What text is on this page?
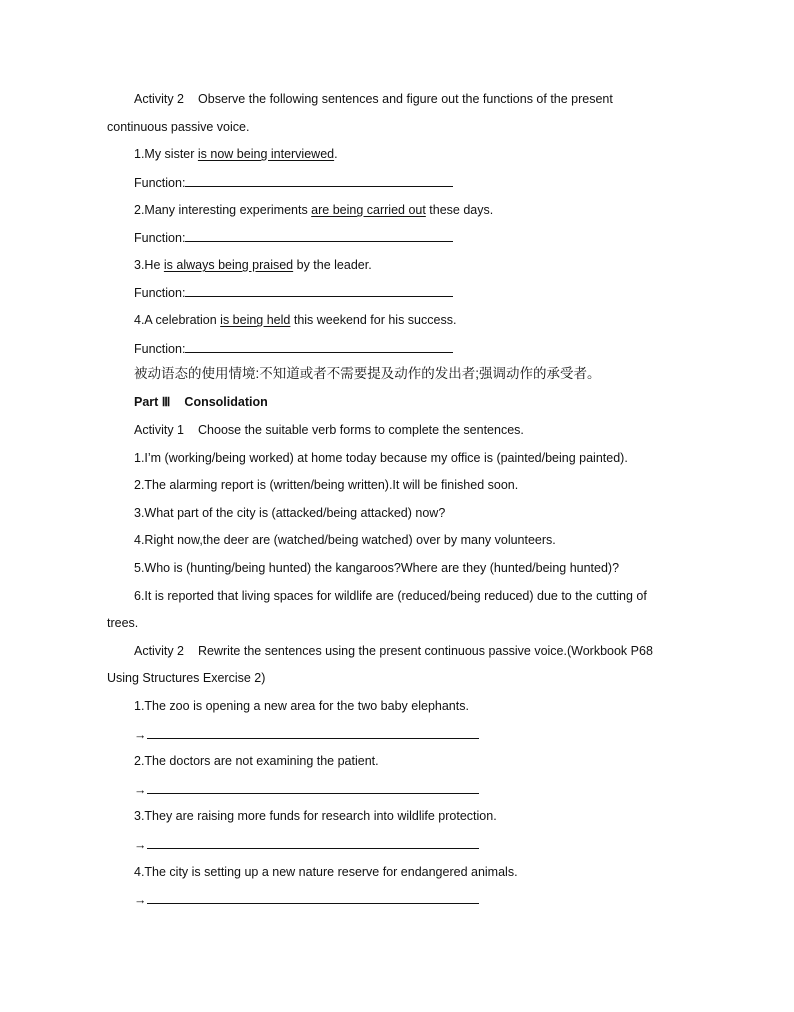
Activity 2 Observe the following sentences and figure out the functions of the present
continuous passive voice.
1.My sister is now being interviewed.
Function:
2.Many interesting experiments are being carried out these days.
Function:
3.He is always being praised by the leader.
Function:
4.A celebration is being held this weekend for his success.
Function:
被动语态的使用情境:不知道或者不需要提及动作的发出者;强调动作的承受者。
Part Ⅲ Consolidation
Activity 1 Choose the suitable verb forms to complete the sentences.
1.I’m (working/being worked) at home today because my office is (painted/being painted).
2.The alarming report is (written/being written).It will be finished soon.
3.What part of the city is (attacked/being attacked) now?
4.Right now,the deer are (watched/being watched) over by many volunteers.
5.Who is (hunting/being hunted) the kangaroos?Where are they (hunted/being hunted)?
6.It is reported that living spaces for wildlife are (reduced/being reduced) due to the cutting of
trees.
Activity 2 Rewrite the sentences using the present continuous passive voice.(Workbook P68
Using Structures Exercise 2)
1.The zoo is opening a new area for the two baby elephants.
→
2.The doctors are not examining the patient.
→
3.They are raising more funds for research into wildlife protection.
→
4.The city is setting up a new nature reserve for endangered animals.
→
